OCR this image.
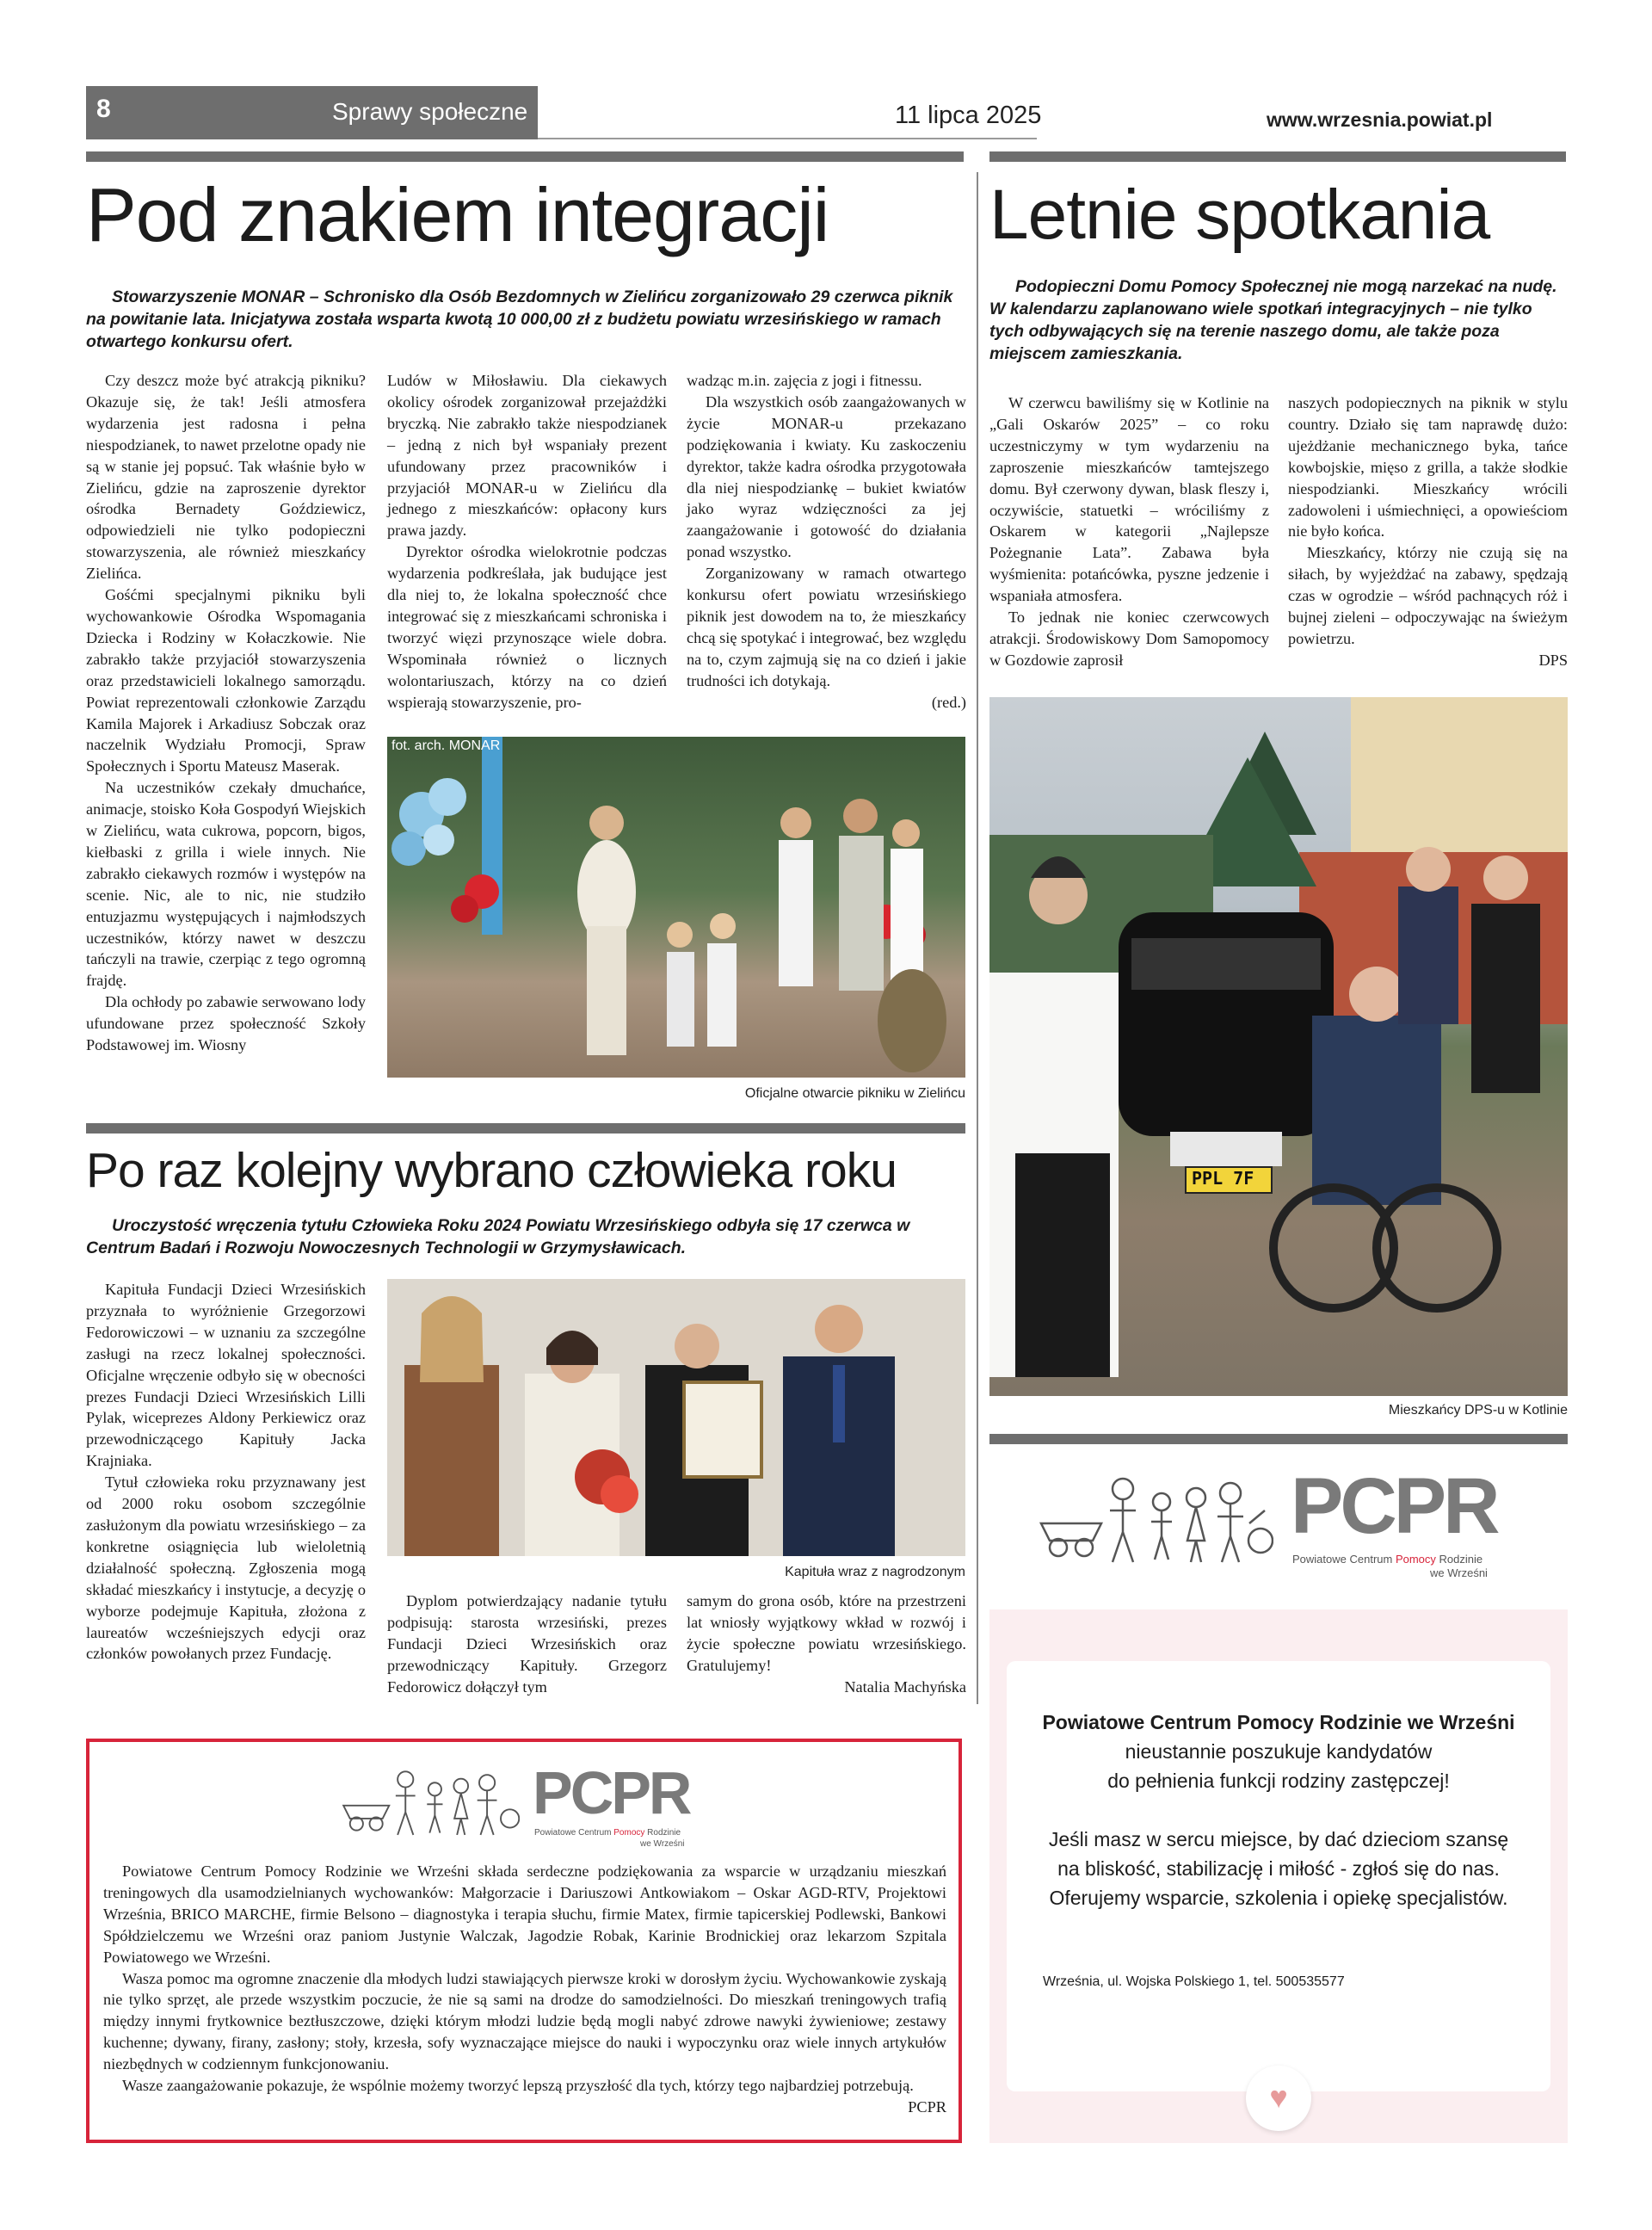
8	Sprawy społeczne	11 lipca 2025	www.wrzesnia.powiat.pl
Pod znakiem integracji
Stowarzyszenie MONAR – Schronisko dla Osób Bezdomnych w Zielińcu zorganizowało 29 czerwca piknik na powitanie lata. Inicjatywa została wsparta kwotą 10 000,00 zł z budżetu powiatu wrzesińskiego w ramach otwartego konkursu ofert.

Czy deszcz może być atrakcją pikniku? Okazuje się, że tak! Jeśli atmosfera wydarzenia jest radosna i pełna niespodzianek, to nawet przelotne opady nie są w stanie jej popsuć. Tak właśnie było w Zielińcu, gdzie na zaproszenie dyrektor ośrodka Bernadety Goździewicz, odpowiedzieli nie tylko podopieczni stowarzyszenia, ale również mieszkańcy Zielińca.

Gośćmi specjalnymi pikniku byli wychowankowie Ośrodka Wspomagania Dziecka i Rodziny w Kołaczkowie. Nie zabrakło także przyjaciół stowarzyszenia oraz przedstawicieli lokalnego samorządu. Powiat reprezentowali członkowie Zarządu Kamila Majorek i Arkadiusz Sobczak oraz naczelnik Wydziału Promocji, Spraw Społecznych i Sportu Mateusz Maserak.

Na uczestników czekały dmuchańce, animacje, stoisko Koła Gospodyń Wiejskich w Zielińcu, wata cukrowa, popcorn, bigos, kiełbaski z grilla i wiele innych. Nie zabrakło ciekawych rozmów i występów na scenie. Nic, ale to nic, nie studziło entuzjazmu występujących i najmłodszych uczestników, którzy nawet w deszczu tańczyli na trawie, czerpiąc z tego ogromną frajdę.

Dla ochłody po zabawie serwowano lody ufundowane przez społeczność Szkoły Podstawowej im. Wiosny

Ludów w Miłosławiu. Dla ciekawych okolicy ośrodek zorganizował przejażdżki bryczką. Nie zabrakło także niespodzianek – jedną z nich był wspaniały prezent ufundowany przez pracowników i przyjaciół MONAR-u w Zielińcu dla jednego z mieszkańców: opłacony kurs prawa jazdy.

Dyrektor ośrodka wielokrotnie podczas wydarzenia podkreślała, jak budujące jest dla niej to, że lokalna społeczność chce integrować się z mieszkańcami schroniska i tworzyć więzi przynoszące wiele dobra. Wspominała również o licznych wolontariuszach, którzy na co dzień wspierają stowarzyszenie, pro-

wadząc m.in. zajęcia z jogi i fitnessu.

Dla wszystkich osób zaangażowanych w życie MONAR-u przekazano podziękowania i kwiaty. Ku zaskoczeniu dyrektor, także kadra ośrodka przygotowała dla niej niespodziankę – bukiet kwiatów jako wyraz wdzięczności za jej zaangażowanie i gotowość do działania ponad wszystko.

Zorganizowany w ramach otwartego konkursu ofert powiatu wrzesińskiego piknik jest dowodem na to, że mieszkańcy chcą się spotykać i integrować, bez względu na to, czym zajmują się na co dzień i jakie trudności ich dotykają.

(red.)

fot. arch. MONAR
Oficjalne otwarcie pikniku w Zielińcu
Po raz kolejny wybrano człowieka roku
Uroczystość wręczenia tytułu Człowieka Roku 2024 Powiatu Wrzesińskiego odbyła się 17 czerwca w Centrum Badań i Rozwoju Nowoczesnych Technologii w Grzymysławicach.

Kapituła Fundacji Dzieci Wrzesińskich przyznała to wyróżnienie Grzegorzowi Fedorowiczowi – w uznaniu za szczególne zasługi na rzecz lokalnej społeczności. Oficjalne wręczenie odbyło się w obecności prezes Fundacji Dzieci Wrzesińskich Lilli Pylak, wiceprezes Aldony Perkiewicz oraz przewodniczącego Kapituły Jacka Krajniaka.

Tytuł człowieka roku przyznawany jest od 2000 roku osobom szczególnie zasłużonym dla powiatu wrzesińskiego – za konkretne osiągnięcia lub wieloletnią działalność społeczną. Zgłoszenia mogą składać mieszkańcy i instytucje, a decyzję o wyborze podejmuje Kapituła, złożona z laureatów wcześniejszych edycji oraz członków powołanych przez Fundację.

Kapituła wraz z nagrodzonym

Dyplom potwierdzający nadanie tytułu podpisują: starosta wrzesiński, prezes Fundacji Dzieci Wrzesińskich oraz przewodniczący Kapituły. Grzegorz Fedorowicz dołączył tym

samym do grona osób, które na przestrzeni lat wniosły wyjątkowy wkład w rozwój i życie społeczne powiatu wrzesińskiego. Gratulujemy!

Natalia Machyńska

Letnie spotkania
Podopieczni Domu Pomocy Społecznej nie mogą narzekać na nudę. W kalendarzu zaplanowano wiele spotkań integracyjnych – nie tylko tych odbywających się na terenie naszego domu, ale także poza miejscem zamieszkania.

W czerwcu bawiliśmy się w Kotlinie na „Gali Oskarów 2025” – co roku uczestniczymy w tym wydarzeniu na zaproszenie mieszkańców tamtejszego domu. Był czerwony dywan, blask fleszy i, oczywiście, statuetki – wróciliśmy z Oskarem w kategorii „Najlepsze Pożegnanie Lata”. Zabawa była wyśmienita: potańcówka, pyszne jedzenie i wspaniała atmosfera.

To jednak nie koniec czerwcowych atrakcji. Środowiskowy Dom Samopomocy w Gozdowie zaprosił

naszych podopiecznych na piknik w stylu country. Działo się tam naprawdę dużo: ujeżdżanie mechanicznego byka, tańce kowbojskie, mięso z grilla, a także słodkie niespodzianki. Mieszkańcy wrócili zadowoleni i uśmiechnięci, a opowieściom nie było końca.

Mieszkańcy, którzy nie czują się na siłach, by wyjeżdżać na zabawy, spędzają czas w ogrodzie – wśród pachnących róż i bujnej zieleni – odpoczywając na świeżym powietrzu.

DPS

PPL 7F
Mieszkańcy DPS-u w Kotlinie
PCPR
Powiatowe Centrum Pomocy Rodzinie
we Wrześni
Powiatowe Centrum Pomocy Rodzinie we Wrześni
nieustannie poszukuje kandydatów
do pełnienia funkcji rodziny zastępczej!
Jeśli masz w sercu miejsce, by dać dzieciom szansę
na bliskość, stabilizację i miłość - zgłoś się do nas.
Oferujemy wsparcie, szkolenia i opiekę specjalistów.
Września, ul. Wojska Polskiego 1, tel. 500535577
♥
PCPR
Powiatowe Centrum Pomocy Rodzinie
we Wrześni

Powiatowe Centrum Pomocy Rodzinie we Wrześni składa serdeczne podziękowania za wsparcie w urządzaniu mieszkań treningowych dla usamodzielnianych wychowanków: Małgorzacie i Dariuszowi Antkowiakom – Oskar AGD-RTV, Projektowi Września, BRICO MARCHE, firmie Belsono – diagnostyka i terapia słuchu, firmie Matex, firmie tapicerskiej Podlewski, Bankowi Spółdzielczemu we Wrześni oraz paniom Justynie Walczak, Jagodzie Robak, Karinie Brodnickiej oraz lekarzom Szpitala Powiatowego we Wrześni.

Wasza pomoc ma ogromne znaczenie dla młodych ludzi stawiających pierwsze kroki w dorosłym życiu. Wychowankowie zyskają nie tylko sprzęt, ale przede wszystkim poczucie, że nie są sami na drodze do samodzielności. Do mieszkań treningowych trafią między innymi frytkownice beztłuszczowe, dzięki którym młodzi ludzie będą mogli nabyć zdrowe nawyki żywieniowe; zestawy kuchenne; dywany, firany, zasłony; stoły, krzesła, sofy wyznaczające miejsce do nauki i wypoczynku oraz wiele innych artykułów niezbędnych w codziennym funkcjonowaniu.

Wasze zaangażowanie pokazuje, że wspólnie możemy tworzyć lepszą przyszłość dla tych, którzy tego najbardziej potrzebują.

PCPR
